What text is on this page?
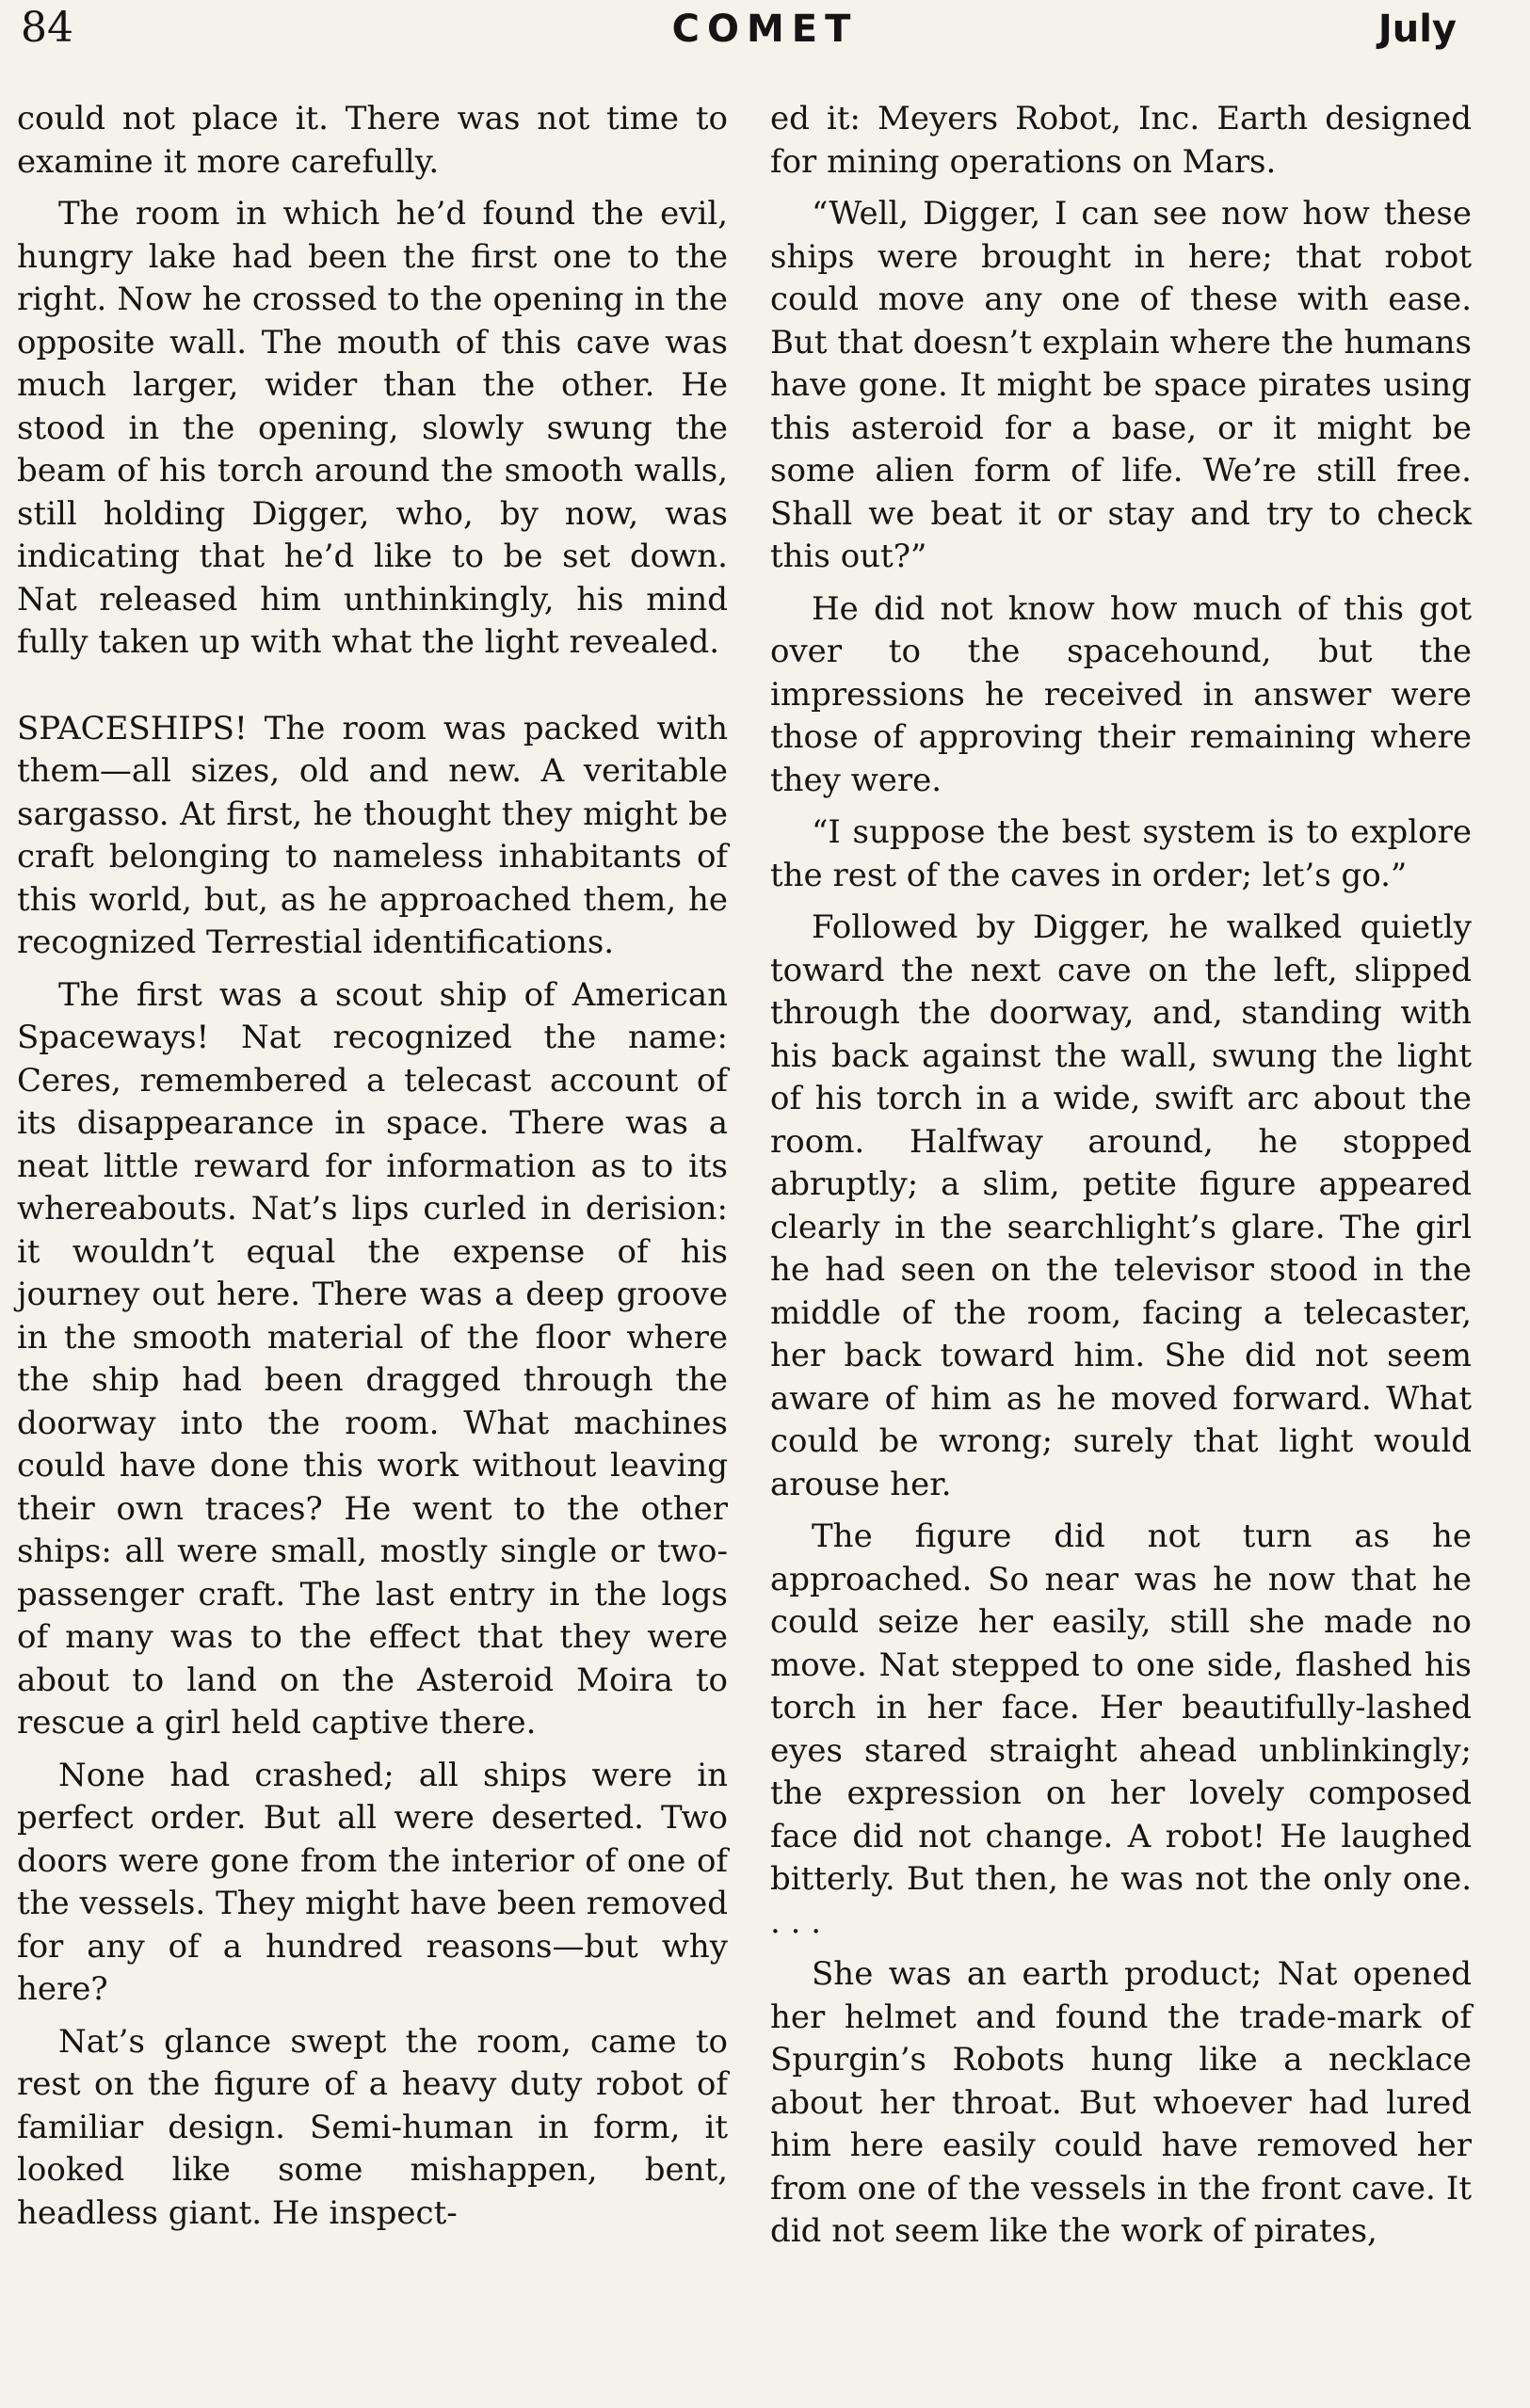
84	COMET	July

could not place it. There was not time to examine it more carefully.

The room in which he’d found the evil, hungry lake had been the first one to the right. Now he crossed to the opening in the opposite wall. The mouth of this cave was much larger, wider than the other. He stood in the opening, slowly swung the beam of his torch around the smooth walls, still holding Digger, who, by now, was indicating that he’d like to be set down. Nat released him unthinkingly, his mind fully taken up with what the light revealed.

SPACESHIPS! The room was packed with them—all sizes, old and new. A veritable sargasso. At first, he thought they might be craft belonging to nameless inhabitants of this world, but, as he approached them, he recognized Terrestial identifications.

The first was a scout ship of American Spaceways! Nat recognized the name: Ceres, remembered a telecast account of its disappearance in space. There was a neat little reward for information as to its whereabouts. Nat’s lips curled in derision: it wouldn’t equal the expense of his journey out here. There was a deep groove in the smooth material of the floor where the ship had been dragged through the doorway into the room. What machines could have done this work without leaving their own traces? He went to the other ships: all were small, mostly single or two-passenger craft. The last entry in the logs of many was to the effect that they were about to land on the Asteroid Moira to rescue a girl held captive there.

None had crashed; all ships were in perfect order. But all were deserted. Two doors were gone from the interior of one of the vessels. They might have been removed for any of a hundred reasons—but why here?

Nat’s glance swept the room, came to rest on the figure of a heavy duty robot of familiar design. Semi-human in form, it looked like some mishappen, bent, headless giant. He inspect-

ed it: Meyers Robot, Inc. Earth designed for mining operations on Mars.

“Well, Digger, I can see now how these ships were brought in here; that robot could move any one of these with ease. But that doesn’t explain where the humans have gone. It might be space pirates using this asteroid for a base, or it might be some alien form of life. We’re still free. Shall we beat it or stay and try to check this out?”

He did not know how much of this got over to the spacehound, but the impressions he received in answer were those of approving their remaining where they were.

“I suppose the best system is to explore the rest of the caves in order; let’s go.”

Followed by Digger, he walked quietly toward the next cave on the left, slipped through the doorway, and, standing with his back against the wall, swung the light of his torch in a wide, swift arc about the room. Halfway around, he stopped abruptly; a slim, petite figure appeared clearly in the searchlight’s glare. The girl he had seen on the televisor stood in the middle of the room, facing a telecaster, her back toward him. She did not seem aware of him as he moved forward. What could be wrong; surely that light would arouse her.

The figure did not turn as he approached. So near was he now that he could seize her easily, still she made no move. Nat stepped to one side, flashed his torch in her face. Her beautifully-lashed eyes stared straight ahead unblinkingly; the expression on her lovely composed face did not change. A robot! He laughed bitterly. But then, he was not the only one. . . .

She was an earth product; Nat opened her helmet and found the trade-mark of Spurgin’s Robots hung like a necklace about her throat. But whoever had lured him here easily could have removed her from one of the vessels in the front cave. It did not seem like the work of pirates,
